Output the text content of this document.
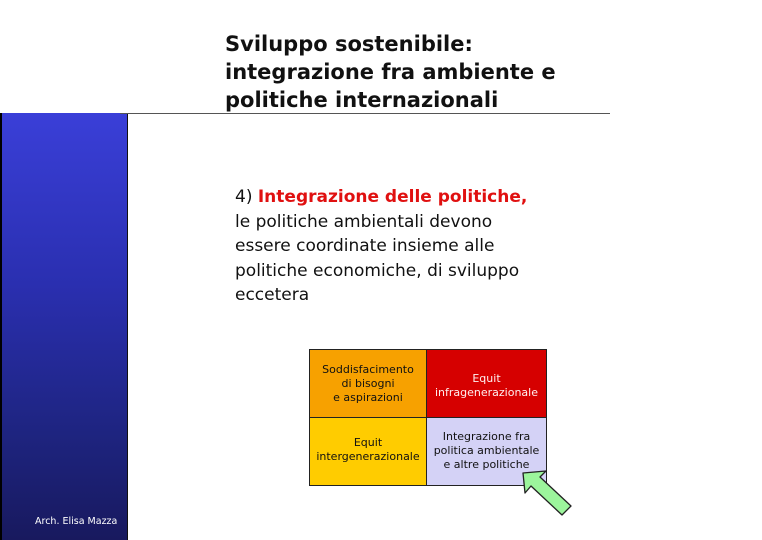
Arch. Elisa Mazza
Sviluppo sostenibile:
integrazione fra ambiente e
politiche internazionali
4) Integrazione delle politiche,
le politiche ambientali devono
essere coordinate insieme alle
politiche economiche, di sviluppo
eccetera
Soddisfacimento
di bisogni
e aspirazioni
Equit
infragenerazionale
Equit
intergenerazionale
Integrazione fra
politica ambientale
e altre politiche
